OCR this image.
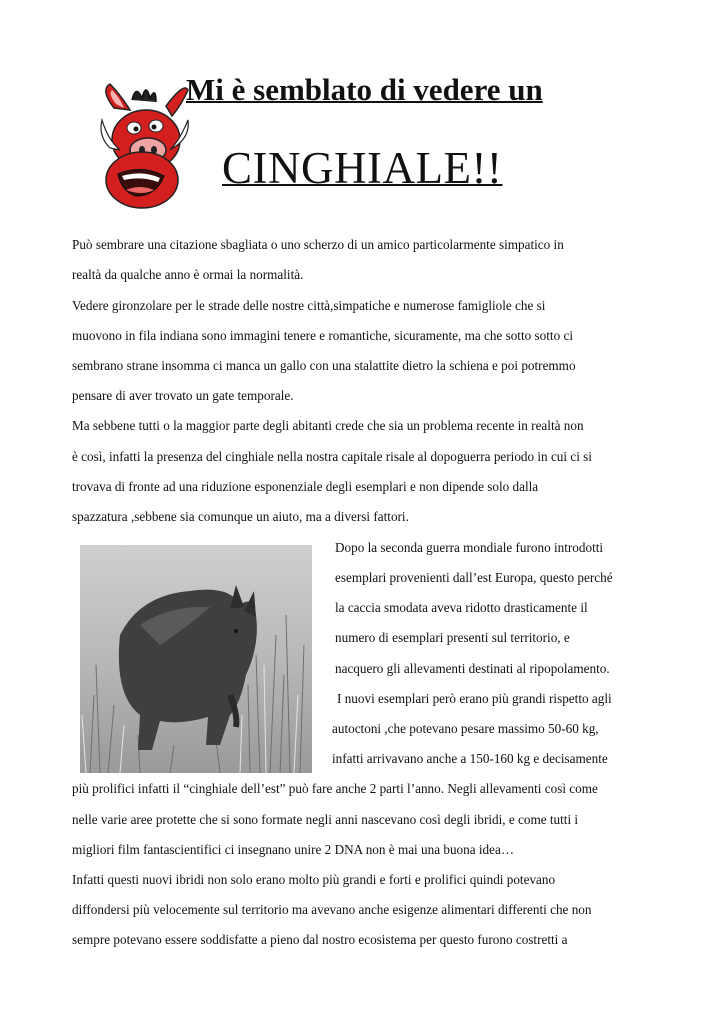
Mi è semblato di vedere un
CINGHIALE!!
Può sembrare una citazione sbagliata o uno scherzo di un amico particolarmente simpatico in
realtà da qualche anno è ormai la normalità.
Vedere gironzolare per le strade delle nostre città,simpatiche e numerose famigliole che si
muovono in fila indiana sono immagini tenere e romantiche, sicuramente, ma che sotto sotto ci
sembrano strane insomma ci manca un gallo con una stalattite dietro la schiena e poi potremmo
pensare di aver trovato un gate temporale.
Ma sebbene tutti o la maggior parte degli abitanti crede che sia un problema recente in realtà non
è così, infatti la presenza del cinghiale nella nostra capitale risale al dopoguerra periodo in cui ci si
trovava di fronte ad una riduzione esponenziale degli esemplari e non dipende solo dalla
spazzatura ,sebbene sia comunque un aiuto, ma a diversi fattori.
Dopo la seconda guerra mondiale furono introdotti
esemplari provenienti dall’est Europa, questo perché
la caccia smodata aveva ridotto drasticamente il
numero di esemplari presenti sul territorio, e
nacquero gli allevamenti destinati al ripopolamento.
I nuovi esemplari però erano più grandi rispetto agli
autoctoni ,che potevano pesare massimo 50-60 kg,
infatti arrivavano anche a 150-160 kg e decisamente
più prolifici infatti il “cinghiale dell’est” può fare anche 2 parti l’anno. Negli allevamenti così come
nelle varie aree protette che si sono formate negli anni nascevano così degli ibridi, e come tutti i
migliori film fantascientifici ci insegnano unire 2 DNA non è mai una buona idea…
Infatti questi nuovi ibridi non solo erano molto più grandi e forti e prolifici quindi potevano
diffondersi più velocemente sul territorio ma avevano anche esigenze alimentari differenti che non
sempre potevano essere soddisfatte a pieno dal nostro ecosistema per questo furono costretti a
